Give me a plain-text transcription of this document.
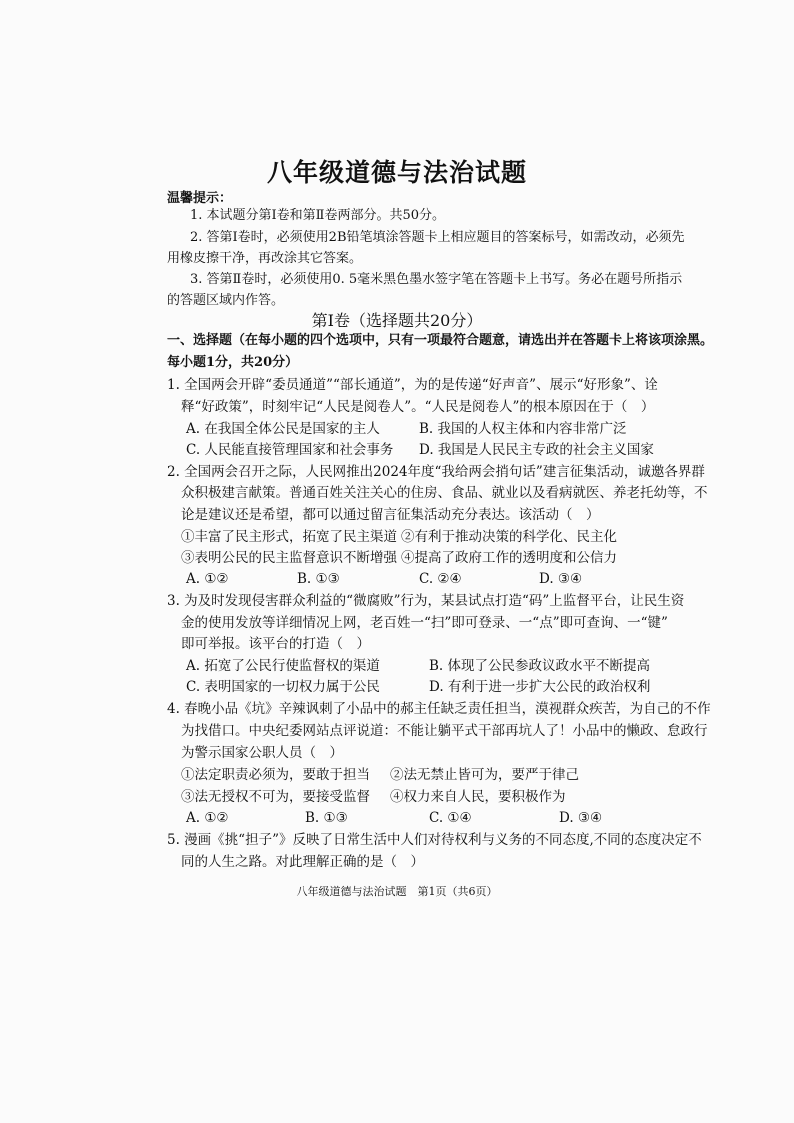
八年级道德与法治试题
温馨提示：
1. 本试题分第Ⅰ卷和第Ⅱ卷两部分。共50分。
2. 答第Ⅰ卷时，必须使用2B铅笔填涂答题卡上相应题目的答案标号，如需改动，必须先
用橡皮擦干净，再改涂其它答案。
3. 答第Ⅱ卷时，必须使用0. 5毫米黑色墨水签字笔在答题卡上书写。务必在题号所指示
的答题区域内作答。
第Ⅰ卷（选择题共20分）
一、选择题（在每小题的四个选项中，只有一项最符合题意，请选出并在答题卡上将该项涂黑。
每小题1分，共20分）
1. 全国两会开辟“委员通道”“部长通道”，为的是传递“好声音”、展示“好形象”、诠
释“好政策”，时刻牢记“人民是阅卷人”。“人民是阅卷人”的根本原因在于（　）
A. 在我国全体公民是国家的主人	B. 我国的人权主体和内容非常广泛
C. 人民能直接管理国家和社会事务 D. 我国是人民民主专政的社会主义国家
2. 全国两会召开之际，人民网推出2024年度“我给两会捎句话”建言征集活动，诚邀各界群
众积极建言献策。普通百姓关注关心的住房、食品、就业以及看病就医、养老托幼等，不
论是建议还是希望，都可以通过留言征集活动充分表达。该活动（　）
①丰富了民主形式，拓宽了民主渠道 ②有利于推动决策的科学化、民主化
③表明公民的民主监督意识不断增强 ④提高了政府工作的透明度和公信力
A. ①②	B. ①③	C. ②④	D. ③④
3. 为及时发现侵害群众利益的“微腐败”行为，某县试点打造“码”上监督平台，让民生资
金的使用发放等详细情况上网，老百姓一“扫”即可登录、一“点”即可查询、一“键”
即可举报。该平台的打造（　）
A. 拓宽了公民行使监督权的渠道	B. 体现了公民参政议政水平不断提高
C. 表明国家的一切权力属于公民	D. 有利于进一步扩大公民的政治权利
4. 春晚小品《坑》辛辣讽刺了小品中的郝主任缺乏责任担当，漠视群众疾苦，为自己的不作
为找借口。中央纪委网站点评说道：不能让躺平式干部再坑人了！小品中的懒政、怠政行
为警示国家公职人员（　）
①法定职责必须为，要敢于担当 ②法无禁止皆可为，要严于律己
③法无授权不可为，要接受监督 ④权力来自人民，要积极作为
A. ①②	B. ①③	C. ①④	D. ③④
5. 漫画《挑“担子”》反映了日常生活中人们对待权利与义务的不同态度,不同的态度决定不
同的人生之路。对此理解正确的是（　）
八年级道德与法治试题　第1页（共6页）
